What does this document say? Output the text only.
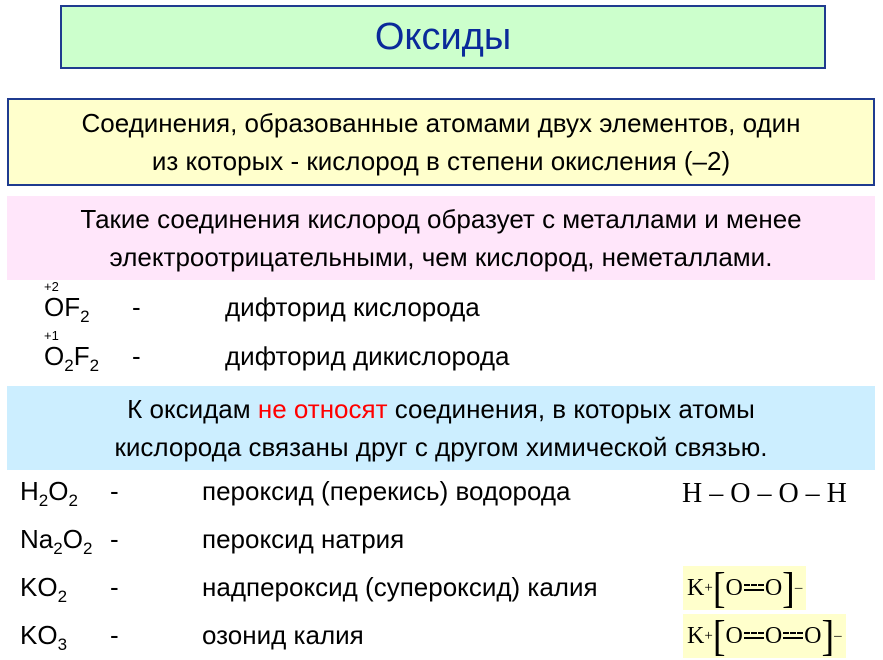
Оксиды
Соединения, образованные атомами двух элементов, один
из которых - кислород в степени окисления (–2)
Такие соединения кислород образует с металлами и менее
электроотрицательными, чем кислород, неметаллами.
+2
$OF_2$ -	дифторид кислорода
+1
$O_2F_2$ -	дифторид дикислорода
К оксидам не относят соединения, в которых атомы
кислорода связаны друг с другом химической связью.
$H_2O_2$ -	пероксид (перекись) водорода	H – O – O – H
$Na_2O_2$ -	пероксид натрия
$KO_2$ -	надпероксид (супероксид) калия	K + [ O O ] –
$KO_3$ -	озонид калия	K + [ O O O ] –
